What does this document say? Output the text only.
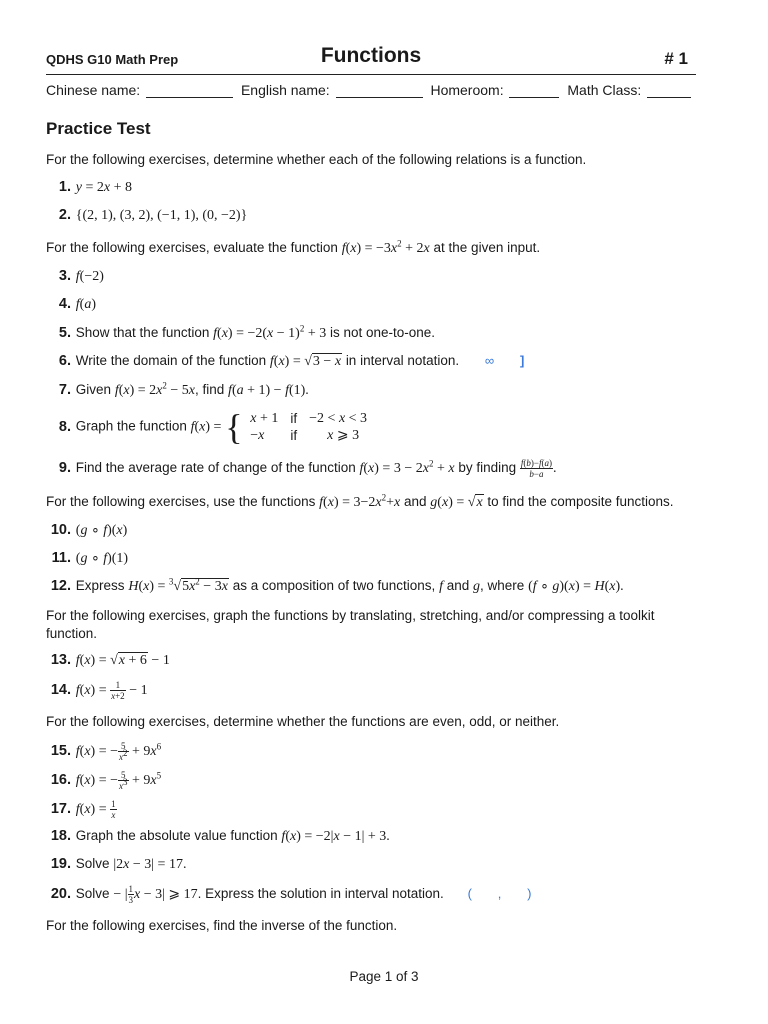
QDHS G10 Math Prep	Functions	# 1
Chinese name:	English name:	Homeroom:	Math Class:
Practice Test
For the following exercises, determine whether each of the following relations is a function.
1. y = 2x + 8
2. {(2, 1), (3, 2), (−1, 1), (0, −2)}
For the following exercises, evaluate the function $f(x) = -3x^2 + 2x$ at the given input.
3. f(−2)
4. f(a)
5. Show that the function $f(x) = -2(x - 1)^2 + 3$ is not one-to-one.
6. Write the domain of the function f(x) = √3 − x in interval notation. ∞ ]
7. Given $f(x) = 2x^2 - 5x$, find f(a + 1) − f(1).
8. Graph the function f(x) = { x + 1	if	−2 < x < 3
−x	if	x ⩾ 3
9. Find the average rate of change of the function $f(x) = 3 - 2x^2 + x$ by finding $\frac{f(b)-f(a)}{b-a}$ .
For the following exercises, use the functions $f(x) = 3-2x^2+x$ and g(x) = √x to find the composite functions.
10. (g ∘ f)(x)
11. (g ∘ f)(1)
12. Express $H(x) = ^3√5x^2 - 3x$ as a composition of two functions, f and g, where (f ∘ g)(x) = H(x).
For the following exercises, graph the functions by translating, stretching, and/or compressing a toolkit function.
13. f(x) = √x + 6 − 1
14. $f(x) = \frac{1}{x+2} - 1$
For the following exercises, determine whether the functions are even, odd, or neither.
15. f(x) = − $\frac{5}{x^2} + 9x^6$
16. f(x) = − $\frac{5}{x^3} + 9x^5$
17. $f(x) = \frac{1}{x}$
18. Graph the absolute value function f(x) = −2|x − 1| + 3.
19. Solve |2x − 3| = 17.
20. Solve − | $\frac{1}{3}$ x − 3| ⩾ 17. Express the solution in interval notation. ( , )
For the following exercises, find the inverse of the function.
Page 1 of 3
